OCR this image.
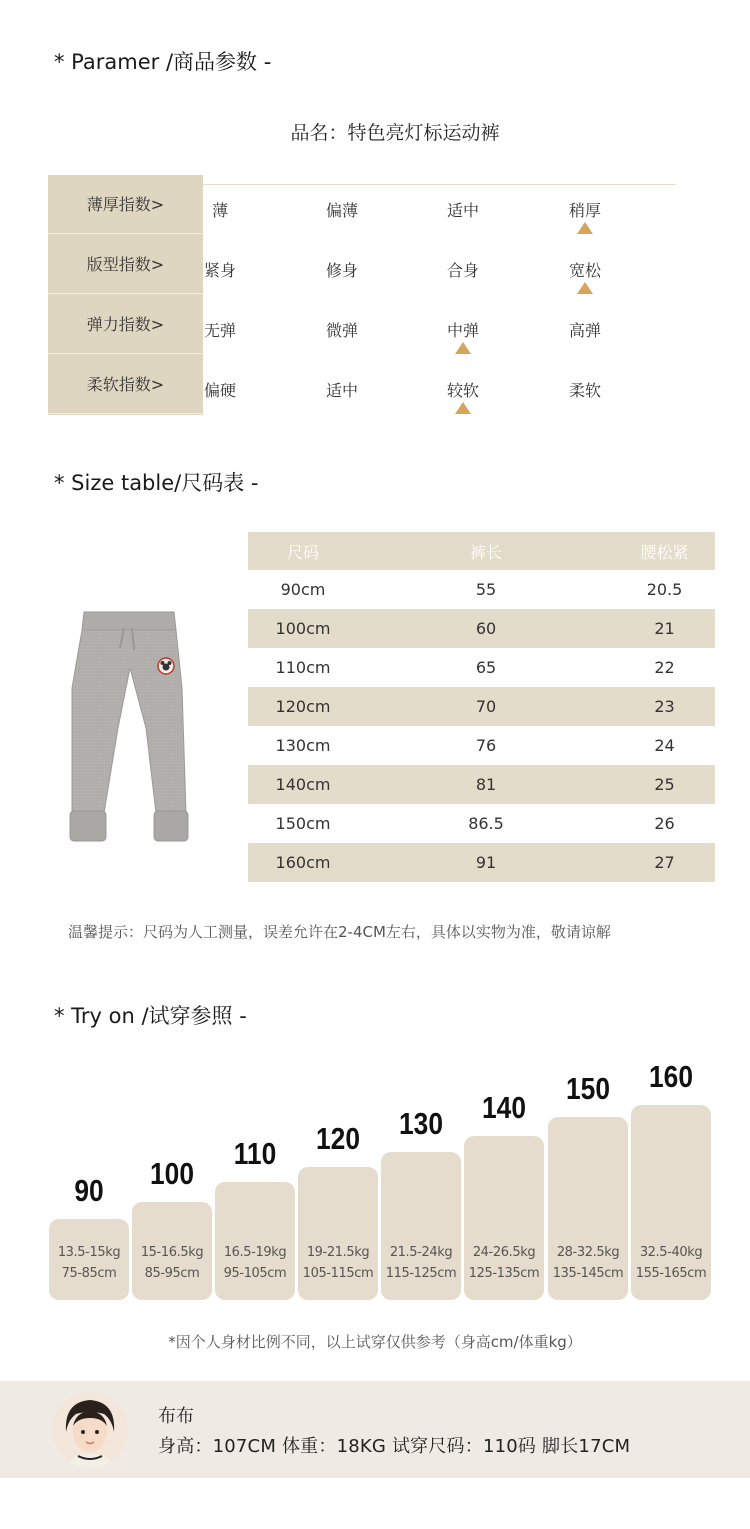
* Paramer /商品参数 -
品名：特色亮灯标运动裤
薄厚指数>	薄	偏薄	适中	稍厚
版型指数>	紧身	修身	合身	宽松
弹力指数>	无弹	微弹	中弹	高弹
柔软指数>	偏硬	适中	较软	柔软
* Size table/尺码表 -
尺码	裤长	腰松紧
90cm	55	20.5
100cm	60	21
110cm	65	22
120cm	70	23
130cm	76	24
140cm	81	25
150cm	86.5	26
160cm	91	27
温馨提示：尺码为人工测量，误差允许在2-4CM左右，具体以实物为准，敬请谅解
* Try on /试穿参照 -
90
13.5-15kg
75-85cm
100
15-16.5kg
85-95cm
110
16.5-19kg
95-105cm
120
19-21.5kg
105-115cm
130
21.5-24kg
115-125cm
140
24-26.5kg
125-135cm
150
28-32.5kg
135-145cm
160
32.5-40kg
155-165cm
*因个人身材比例不同，以上试穿仅供参考（身高cm/体重kg）
布布
身高：107CM 体重：18KG 试穿尺码：110码 脚长17CM
